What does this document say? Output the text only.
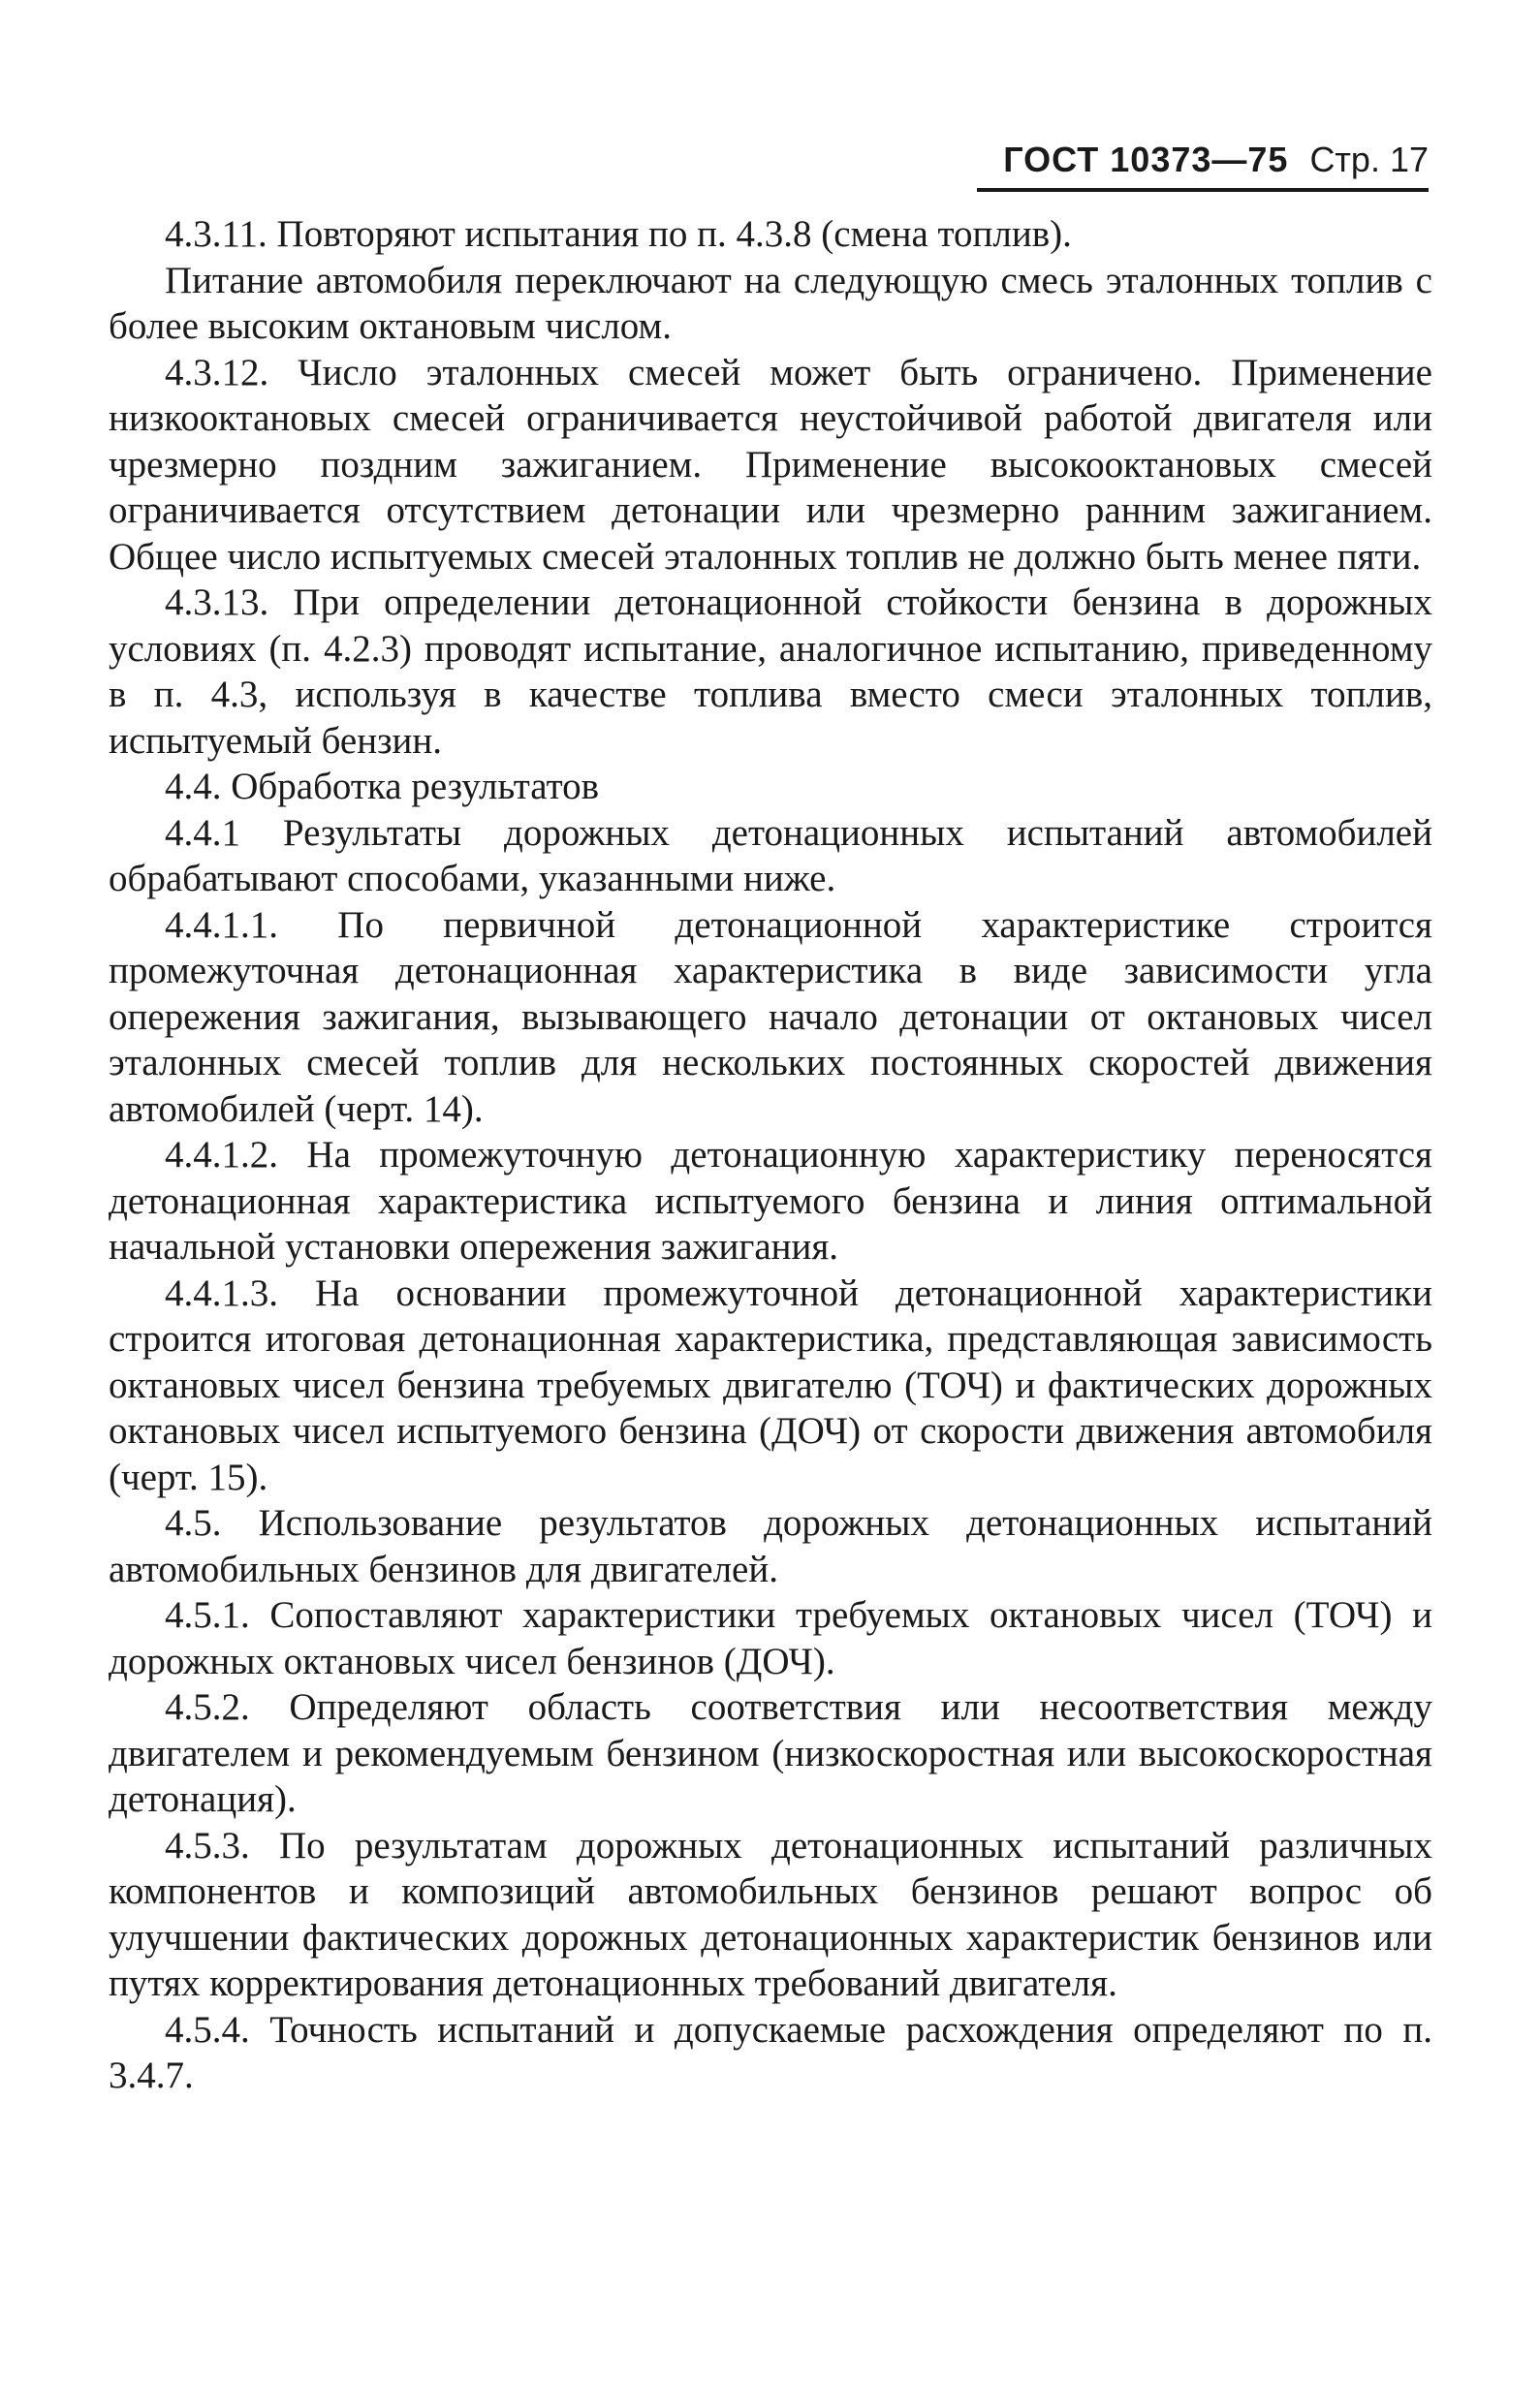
ГОСТ 10373—75 Стр. 17

4.3.11. Повторяют испытания по п. 4.3.8 (смена топлив).

Питание автомобиля переключают на следующую смесь эталонных топлив с более высоким октановым числом.

4.3.12. Число эталонных смесей может быть ограничено. Применение низкооктановых смесей ограничивается неустойчивой работой двигателя или чрезмерно поздним зажиганием. Применение высокооктановых смесей ограничивается отсутствием детонации или чрезмерно ранним зажиганием. Общее число испытуемых смесей эталонных топлив не должно быть менее пяти.

4.3.13. При определении детонационной стойкости бензина в дорожных условиях (п. 4.2.3) проводят испытание, аналогичное испытанию, приведенному в п. 4.3, используя в качестве топлива вместо смеси эталонных топлив, испытуемый бензин.

4.4. Обработка результатов

4.4.1 Результаты дорожных детонационных испытаний автомобилей обрабатывают способами, указанными ниже.

4.4.1.1. По первичной детонационной характеристике строится промежуточная детонационная характеристика в виде зависимости угла опережения зажигания, вызывающего начало детонации от октановых чисел эталонных смесей топлив для нескольких постоянных скоростей движения автомобилей (черт. 14).

4.4.1.2. На промежуточную детонационную характеристику переносятся детонационная характеристика испытуемого бензина и линия оптимальной начальной установки опережения зажигания.

4.4.1.3. На основании промежуточной детонационной характеристики строится итоговая детонационная характеристика, представляющая зависимость октановых чисел бензина требуемых двигателю (ТОЧ) и фактических дорожных октановых чисел испытуемого бензина (ДОЧ) от скорости движения автомобиля (черт. 15).

4.5. Использование результатов дорожных детонационных испытаний автомобильных бензинов для двигателей.

4.5.1. Сопоставляют характеристики требуемых октановых чисел (ТОЧ) и дорожных октановых чисел бензинов (ДОЧ).

4.5.2. Определяют область соответствия или несоответствия между двигателем и рекомендуемым бензином (низкоскоростная или высокоскоростная детонация).

4.5.3. По результатам дорожных детонационных испытаний различных компонентов и композиций автомобильных бензинов решают вопрос об улучшении фактических дорожных детонационных характеристик бензинов или путях корректирования детонационных требований двигателя.

4.5.4. Точность испытаний и допускаемые расхождения определяют по п. 3.4.7.
